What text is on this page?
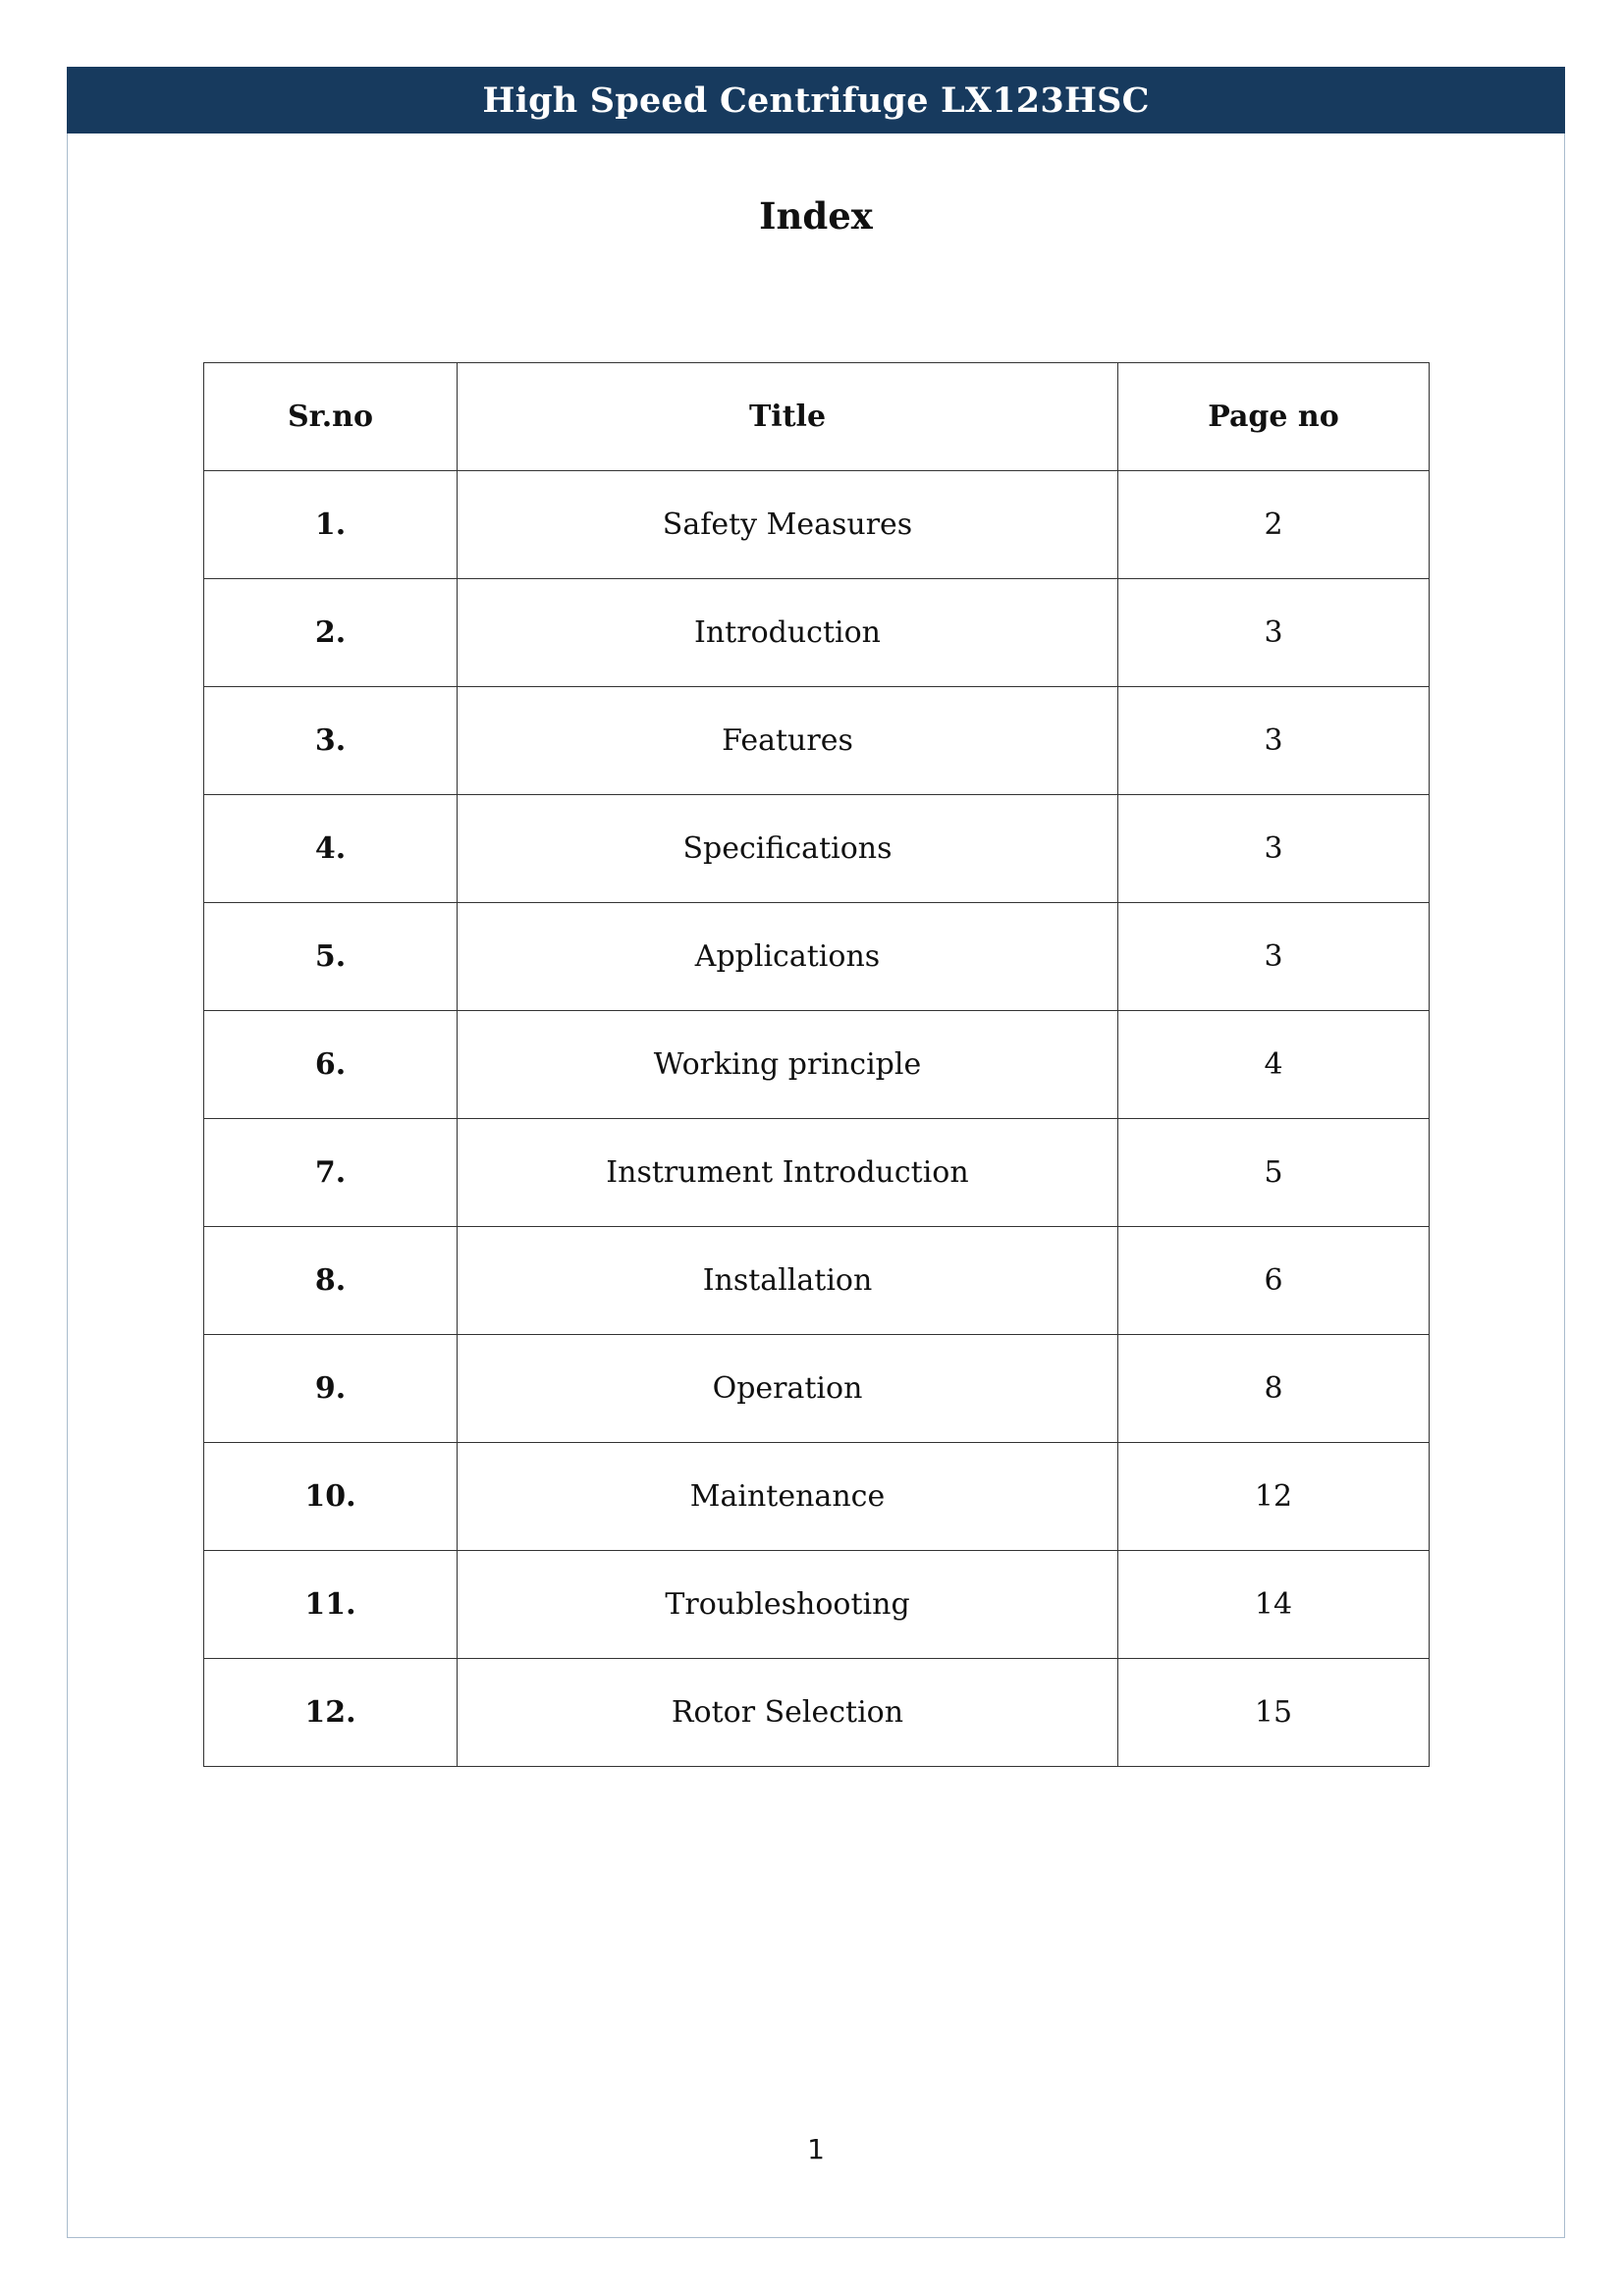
High Speed Centrifuge LX123HSC
Index
Sr.no	Title	Page no
1.	Safety Measures	2
2.	Introduction	3
3.	Features	3
4.	Specifications	3
5.	Applications	3
6.	Working principle	4
7.	Instrument Introduction	5
8.	Installation	6
9.	Operation	8
10.	Maintenance	12
11.	Troubleshooting	14
12.	Rotor Selection	15
1
